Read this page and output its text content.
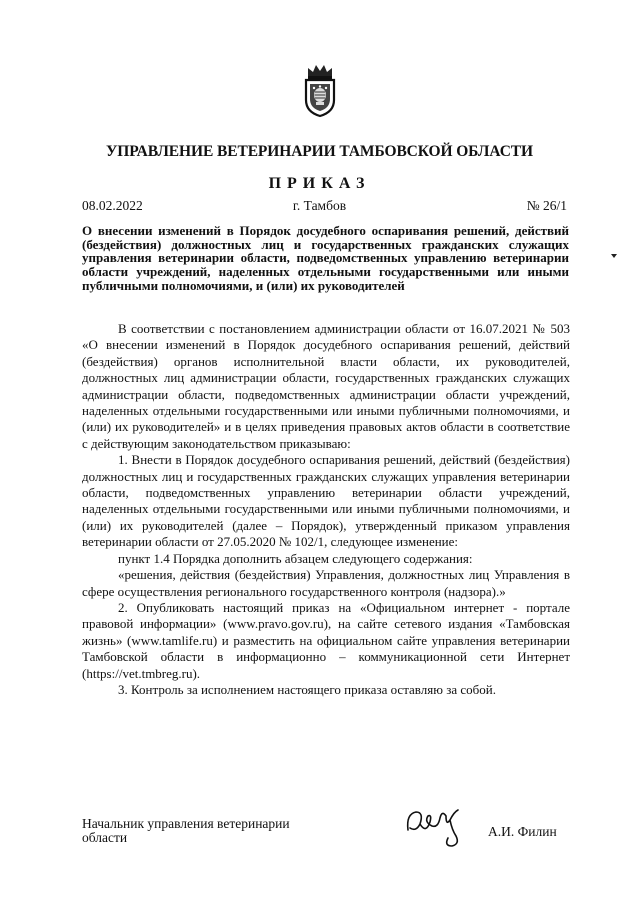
УПРАВЛЕНИЕ ВЕТЕРИНАРИИ ТАМБОВСКОЙ ОБЛАСТИ
ПРИКАЗ
08.02.2022	г. Тамбов	№ 26/1
О внесении изменений в Порядок досудебного оспаривания решений, действий (бездействия) должностных лиц и государственных гражданских служащих управления ветеринарии области, подведомственных управлению ветеринарии области учреждений, наделенных отдельными государственными или иными публичными полномочиями, и (или) их руководителей

В соответствии с постановлением администрации области от 16.07.2021 № 503 «О внесении изменений в Порядок досудебного оспаривания решений, действий (бездействия) органов исполнительной власти области, их руководителей, должностных лиц администрации области, государственных гражданских служащих администрации области, подведомственных администрации области учреждений, наделенных отдельными государственными или иными публичными полномочиями, и (или) их руководителей» и в целях приведения правовых актов области в соответствие с действующим законодательством приказываю:

1. Внести в Порядок досудебного оспаривания решений, действий (бездействия) должностных лиц и государственных гражданских служащих управления ветеринарии области, подведомственных управлению ветеринарии области учреждений, наделенных отдельными государственными или иными публичными полномочиями, и (или) их руководителей (далее – Порядок), утвержденный приказом управления ветеринарии области от 27.05.2020 № 102/1, следующее изменение:

пункт 1.4 Порядка дополнить абзацем следующего содержания:

«решения, действия (бездействия) Управления, должностных лиц Управления в сфере осуществления регионального государственного контроля (надзора).»

2. Опубликовать настоящий приказ на «Официальном интернет - портале правовой информации» (www.pravo.gov.ru), на сайте сетевого издания «Тамбовская жизнь» (www.tamlife.ru) и разместить на официальном сайте управления ветеринарии Тамбовской области в информационно – коммуникационной сети Интернет (https://vet.tmbreg.ru).

3. Контроль за исполнением настоящего приказа оставляю за собой.

Начальник управления ветеринарии области	А.И. Филин
